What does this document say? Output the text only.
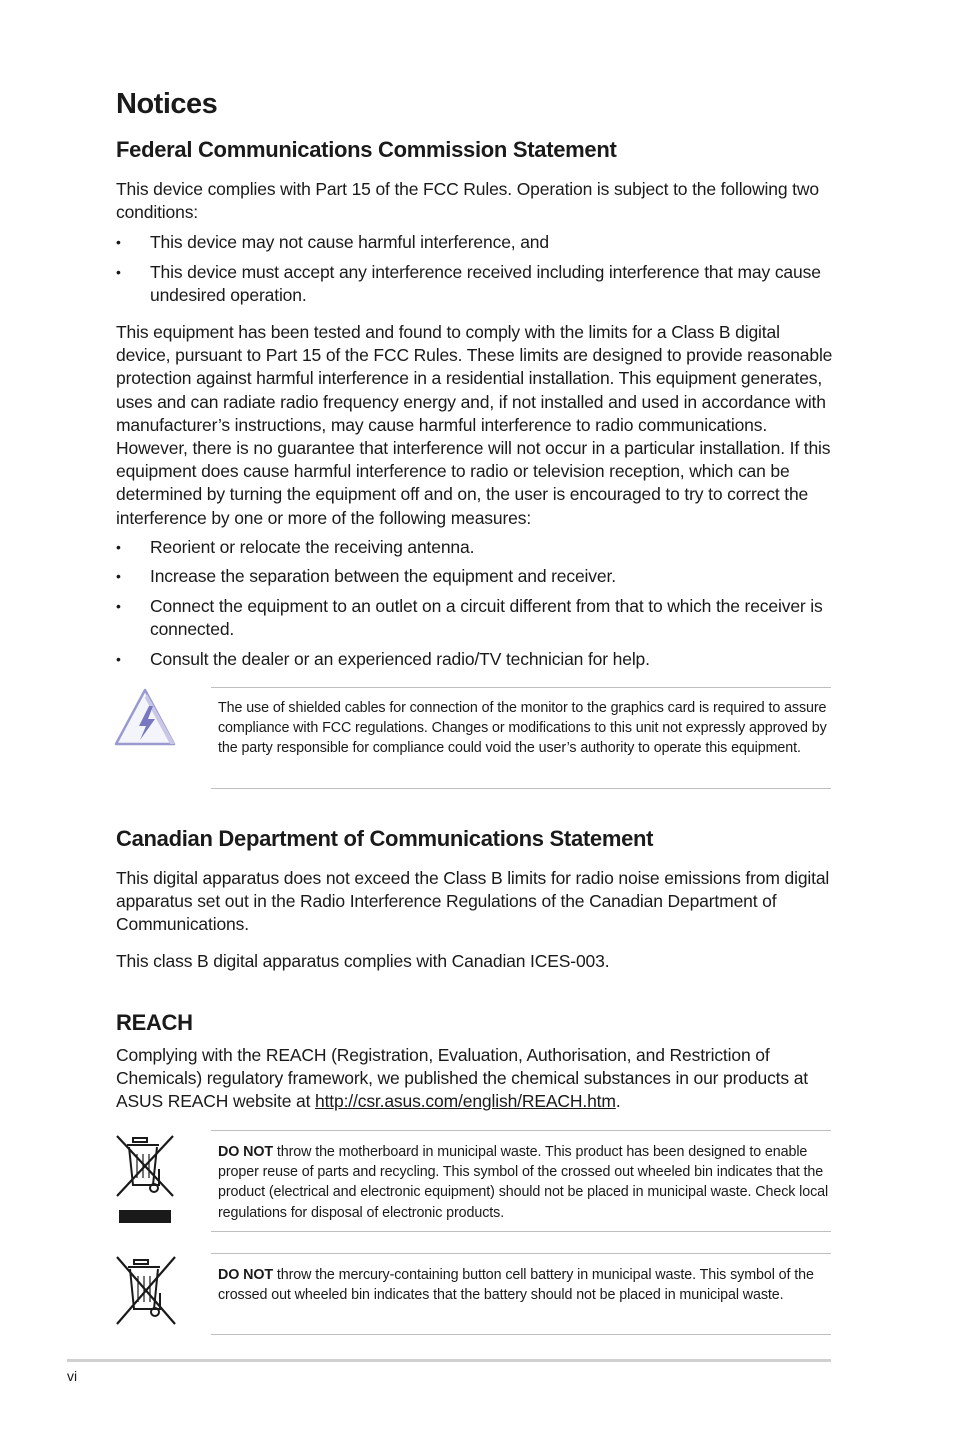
Notices
Federal Communications Commission Statement

This device complies with Part 15 of the FCC Rules. Operation is subject to the following two conditions:

• This device may not cause harmful interference, and
• This device must accept any interference received including interference that may cause undesired operation.

This equipment has been tested and found to comply with the limits for a Class B digital device, pursuant to Part 15 of the FCC Rules. These limits are designed to provide reasonable protection against harmful interference in a residential installation. This equipment generates, uses and can radiate radio frequency energy and, if not installed and used in accordance with manufacturer’s instructions, may cause harmful interference to radio communications. However, there is no guarantee that interference will not occur in a particular installation. If this equipment does cause harmful interference to radio or television reception, which can be determined by turning the equipment off and on, the user is encouraged to try to correct the interference by one or more of the following measures:

• Reorient or relocate the receiving antenna.
• Increase the separation between the equipment and receiver.
• Connect the equipment to an outlet on a circuit different from that to which the receiver is connected.
• Consult the dealer or an experienced radio/TV technician for help.

The use of shielded cables for connection of the monitor to the graphics card is required to assure compliance with FCC regulations. Changes or modifications to this unit not expressly approved by the party responsible for compliance could void the user’s authority to operate this equipment.

Canadian Department of Communications Statement

This digital apparatus does not exceed the Class B limits for radio noise emissions from digital apparatus set out in the Radio Interference Regulations of the Canadian Department of Communications.

This class B digital apparatus complies with Canadian ICES-003.

REACH

Complying with the REACH (Registration, Evaluation, Authorisation, and Restriction of Chemicals) regulatory framework, we published the chemical substances in our products at ASUS REACH website at http://csr.asus.com/english/REACH.htm.

DO NOT throw the motherboard in municipal waste. This product has been designed to enable proper reuse of parts and recycling. This symbol of the crossed out wheeled bin indicates that the product (electrical and electronic equipment) should not be placed in municipal waste. Check local regulations for disposal of electronic products.

DO NOT throw the mercury-containing button cell battery in municipal waste. This symbol of the crossed out wheeled bin indicates that the battery should not be placed in municipal waste.

vi
